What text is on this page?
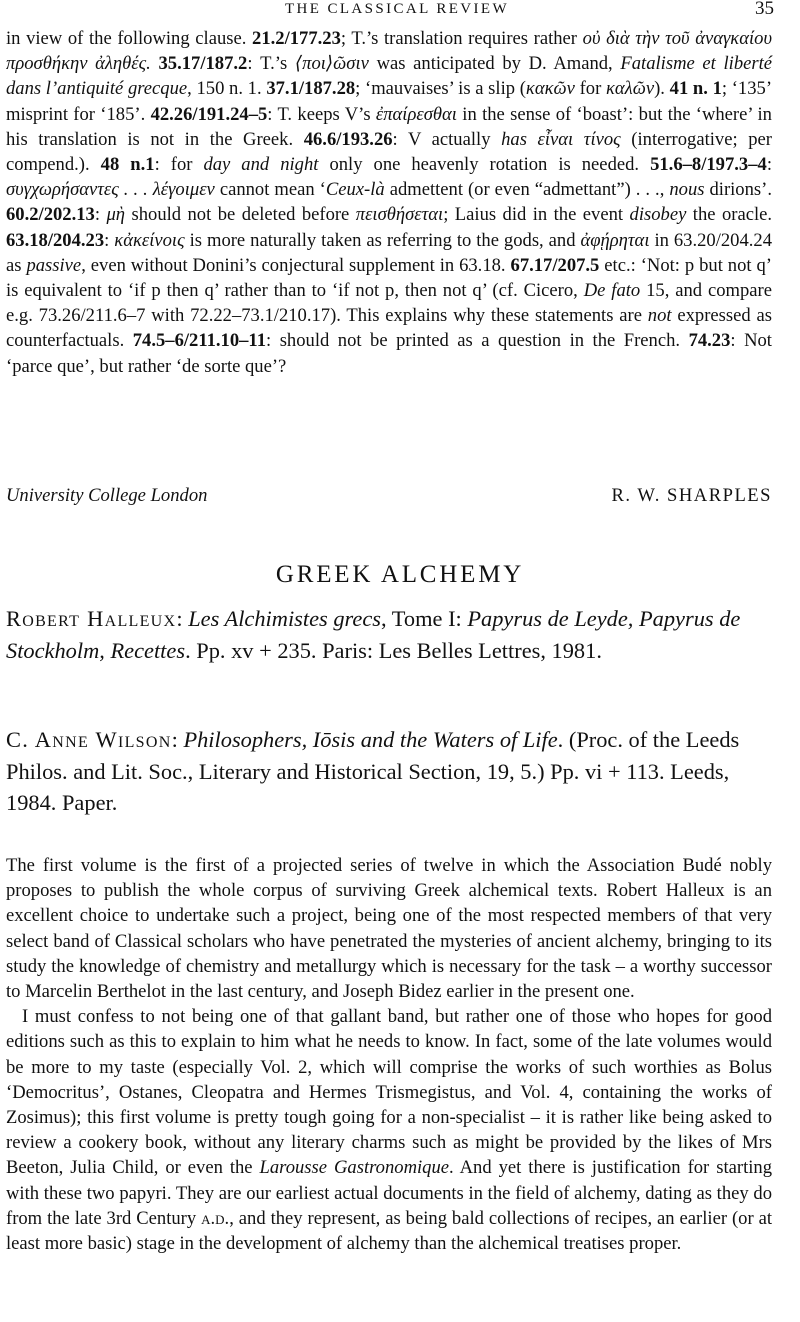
THE CLASSICAL REVIEW	35
in view of the following clause. 21.2/177.23; T.’s translation requires rather οὐ διὰ τὴν τοῦ ἀναγκαίου προσθήκην ἀληθές. 35.17/187.2: T.’s ⟨ποι⟩ῶσιν was anticipated by D. Amand, Fatalisme et liberté dans l’antiquité grecque, 150 n. 1. 37.1/187.28; ‘mauvaises’ is a slip (κακῶν for καλῶν). 41 n. 1; ‘135’ misprint for ‘185’. 42.26/191.24–5: T. keeps V’s ἐπαίρεσθαι in the sense of ‘boast’: but the ‘where’ in his translation is not in the Greek. 46.6/193.26: V actually has εἶναι τίνος (interrogative; per compend.). 48 n.1: for day and night only one heavenly rotation is needed. 51.6–8/197.3–4: συγχωρήσαντες . . . λέγοιμεν cannot mean ‘Ceux-là admettent (or even “admettant”) . . ., nous dirions’. 60.2/202.13: μὴ should not be deleted before πεισθήσεται; Laius did in the event disobey the oracle. 63.18/204.23: κἀκείνοις is more naturally taken as referring to the gods, and ἀφῄρηται in 63.20/204.24 as passive, even without Donini’s conjectural supplement in 63.18. 67.17/207.5 etc.: ‘Not: p but not q’ is equivalent to ‘if p then q’ rather than to ‘if not p, then not q’ (cf. Cicero, De fato 15, and compare e.g. 73.26/211.6–7 with 72.22–73.1/210.17). This explains why these statements are not expressed as counterfactuals. 74.5–6/211.10–11: should not be printed as a question in the French. 74.23: Not ‘parce que’, but rather ‘de sorte que’?
University College London	R. W. SHARPLES
GREEK ALCHEMY
Robert Halleux: Les Alchimistes grecs, Tome I: Papyrus de Leyde, Papyrus de Stockholm, Recettes. Pp. xv + 235. Paris: Les Belles Lettres, 1981.
C. Anne Wilson: Philosophers, Iōsis and the Waters of Life. (Proc. of the Leeds Philos. and Lit. Soc., Literary and Historical Section, 19, 5.) Pp. vi + 113. Leeds, 1984. Paper.

The first volume is the first of a projected series of twelve in which the Association Budé nobly proposes to publish the whole corpus of surviving Greek alchemical texts. Robert Halleux is an excellent choice to undertake such a project, being one of the most respected members of that very select band of Classical scholars who have penetrated the mysteries of ancient alchemy, bringing to its study the knowledge of chemistry and metallurgy which is necessary for the task – a worthy successor to Marcelin Berthelot in the last century, and Joseph Bidez earlier in the present one.

I must confess to not being one of that gallant band, but rather one of those who hopes for good editions such as this to explain to him what he needs to know. In fact, some of the late volumes would be more to my taste (especially Vol. 2, which will comprise the works of such worthies as Bolus ‘Democritus’, Ostanes, Cleopatra and Hermes Trismegistus, and Vol. 4, containing the works of Zosimus); this first volume is pretty tough going for a non-specialist – it is rather like being asked to review a cookery book, without any literary charms such as might be provided by the likes of Mrs Beeton, Julia Child, or even the Larousse Gastronomique. And yet there is justification for starting with these two papyri. They are our earliest actual documents in the field of alchemy, dating as they do from the late 3rd Century a.d., and they represent, as being bald collections of recipes, an earlier (or at least more basic) stage in the development of alchemy than the alchemical treatises proper.
